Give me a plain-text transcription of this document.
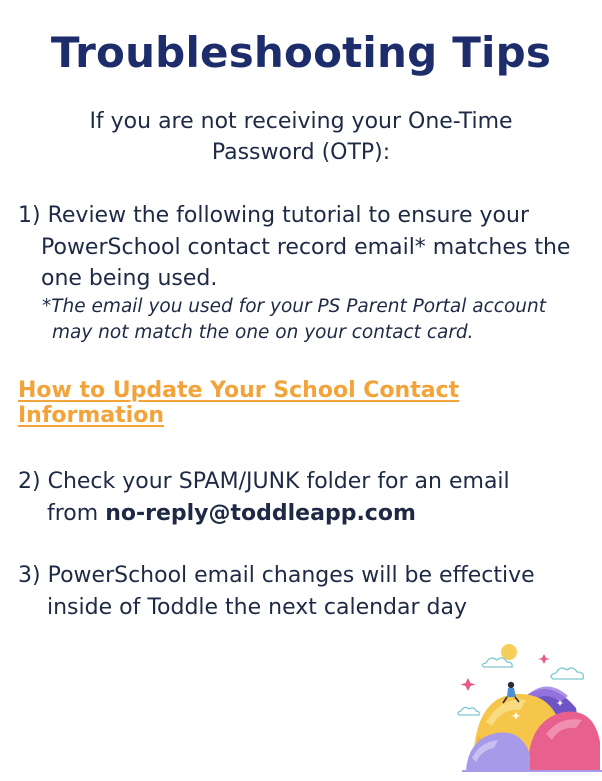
Troubleshooting Tips
If you are not receiving your One-Time
Password (OTP):
1) Review the following tutorial to ensure your
PowerSchool contact record email* matches the
one being used.
*The email you used for your PS Parent Portal account
may not match the one on your contact card.
How to Update Your School Contact Information
2) Check your SPAM/JUNK folder for an email
from no-reply@toddleapp.com
3) PowerSchool email changes will be effective
inside of Toddle the next calendar day
